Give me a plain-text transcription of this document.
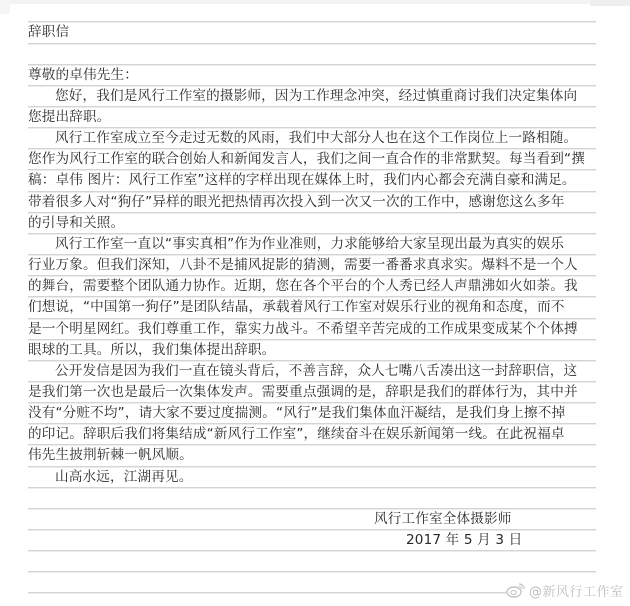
辞职信
尊敬的卓伟先生：
您好，我们是风行工作室的摄影师，因为工作理念冲突，经过慎重商讨我们决定集体向
您提出辞职。
风行工作室成立至今走过无数的风雨，我们中大部分人也在这个工作岗位上一路相随。
您作为风行工作室的联合创始人和新闻发言人，我们之间一直合作的非常默契。每当看到“撰
稿：卓伟 图片：风行工作室”这样的字样出现在媒体上时，我们内心都会充满自豪和满足。
带着很多人对“狗仔”异样的眼光把热情再次投入到一次又一次的工作中，感谢您这么多年
的引导和关照。
风行工作室一直以“事实真相”作为作业准则，力求能够给大家呈现出最为真实的娱乐
行业万象。但我们深知，八卦不是捕风捉影的猜测，需要一番番求真求实。爆料不是一个人
的舞台，需要整个团队通力协作。近期，您在各个平台的个人秀已经人声鼎沸如火如荼。我
们想说，“中国第一狗仔”是团队结晶，承载着风行工作室对娱乐行业的视角和态度，而不
是一个明星网红。我们尊重工作，靠实力战斗。不希望辛苦完成的工作成果变成某个个体搏
眼球的工具。所以，我们集体提出辞职。
公开发信是因为我们一直在镜头背后，不善言辞，众人七嘴八舌凑出这一封辞职信，这
是我们第一次也是最后一次集体发声。需要重点强调的是，辞职是我们的群体行为，其中并
没有“分赃不均”，请大家不要过度揣测。“风行”是我们集体血汗凝结，是我们身上擦不掉
的印记。辞职后我们将集结成“新风行工作室”，继续奋斗在娱乐新闻第一线。在此祝福卓
伟先生披荆斩棘一帆风顺。
山高水远，江湖再见。
风行工作室全体摄影师
2017 年 5 月 3 日
@新风行工作室
